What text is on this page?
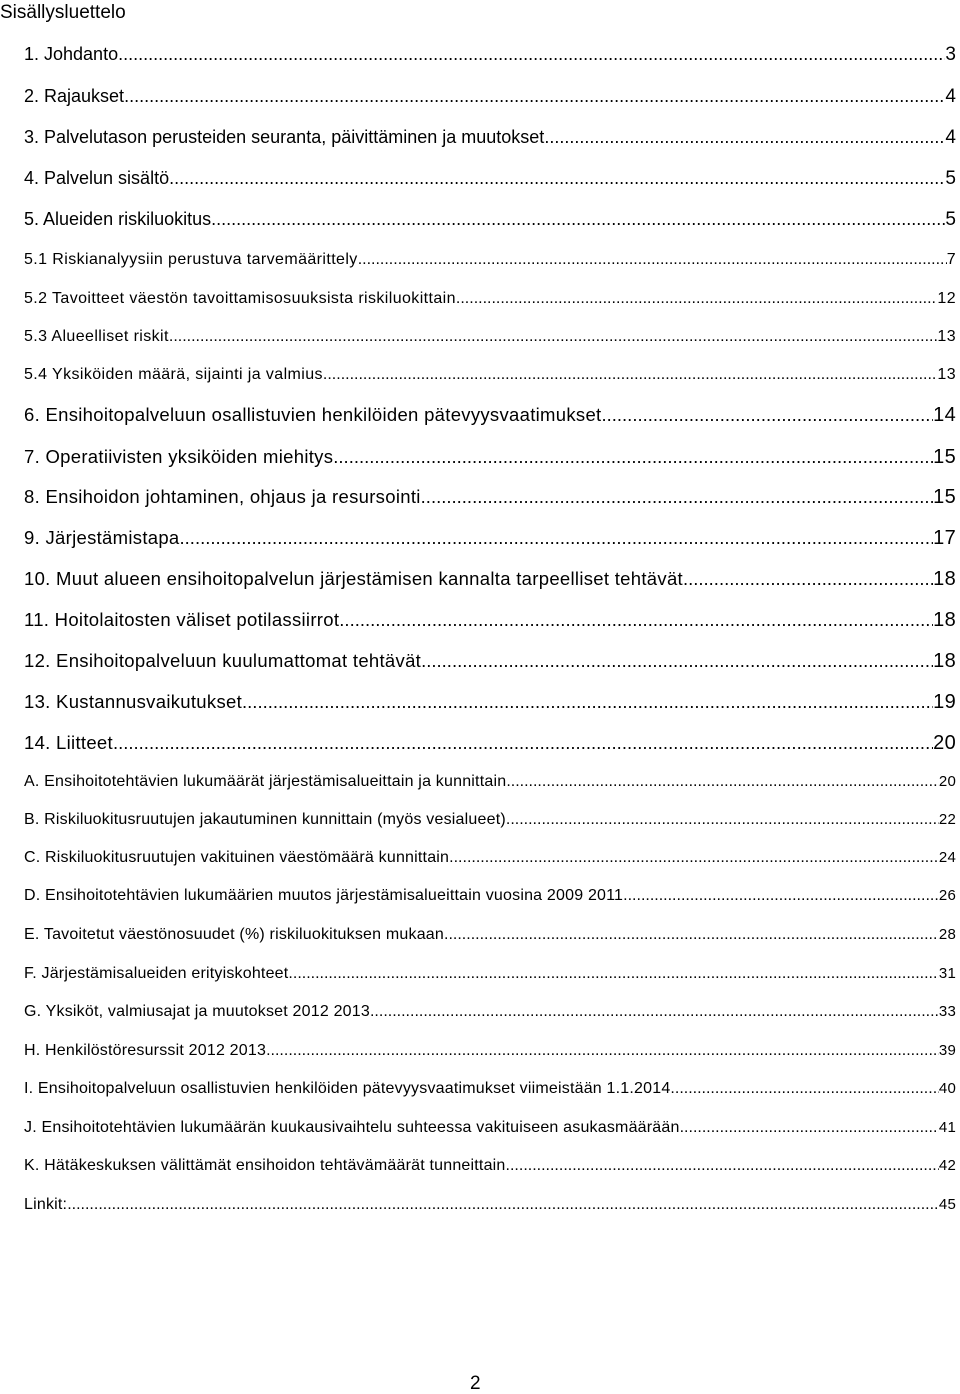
Sisällysluettelo
1. Johdanto .....	3
2. Rajaukset .....	4
3. Palvelutason perusteiden seuranta, päivittäminen ja muutokset .....	4
4. Palvelun sisältö .....	5
5. Alueiden riskiluokitus .....	5
5.1 Riskianalyysiin perustuva tarvemäärittely .....	7
5.2 Tavoitteet väestön tavoittamisosuuksista riskiluokittain .....	12
5.3 Alueelliset riskit .....	13
5.4 Yksiköiden määrä, sijainti ja valmius .....	13
6. Ensihoitopalveluun osallistuvien henkilöiden pätevyysvaatimukset .....	14
7. Operatiivisten yksiköiden miehitys .....	15
8. Ensihoidon johtaminen, ohjaus ja resursointi .....	15
9. Järjestämistapa .....	17
10. Muut alueen ensihoitopalvelun järjestämisen kannalta tarpeelliset tehtävät .....	18
11. Hoitolaitosten väliset potilassiirrot .....	18
12. Ensihoitopalveluun kuulumattomat tehtävät .....	18
13. Kustannusvaikutukset .....	19
14. Liitteet .....	20
A. Ensihoitotehtävien lukumäärät järjestämisalueittain ja kunnittain .....	20
B. Riskiluokitusruutujen jakautuminen kunnittain (myös vesialueet) .....	22
C. Riskiluokitusruutujen vakituinen väestömäärä kunnittain .....	24
D. Ensihoitotehtävien lukumäärien muutos järjestämisalueittain vuosina 2009 2011 .....	26
E. Tavoitetut väestönosuudet (%) riskiluokituksen mukaan .....	28
F. Järjestämisalueiden erityiskohteet .....	31
G. Yksiköt, valmiusajat ja muutokset 2012 2013 .....	33
H. Henkilöstöresurssit 2012 2013 .....	39
I. Ensihoitopalveluun osallistuvien henkilöiden pätevyysvaatimukset viimeistään 1.1.2014 .....	40
J. Ensihoitotehtävien lukumäärän kuukausivaihtelu suhteessa vakituiseen asukasmäärään .....	41
K. Hätäkeskuksen välittämät ensihoidon tehtävämäärät tunneittain .....	42
Linkit: .....	45
2
